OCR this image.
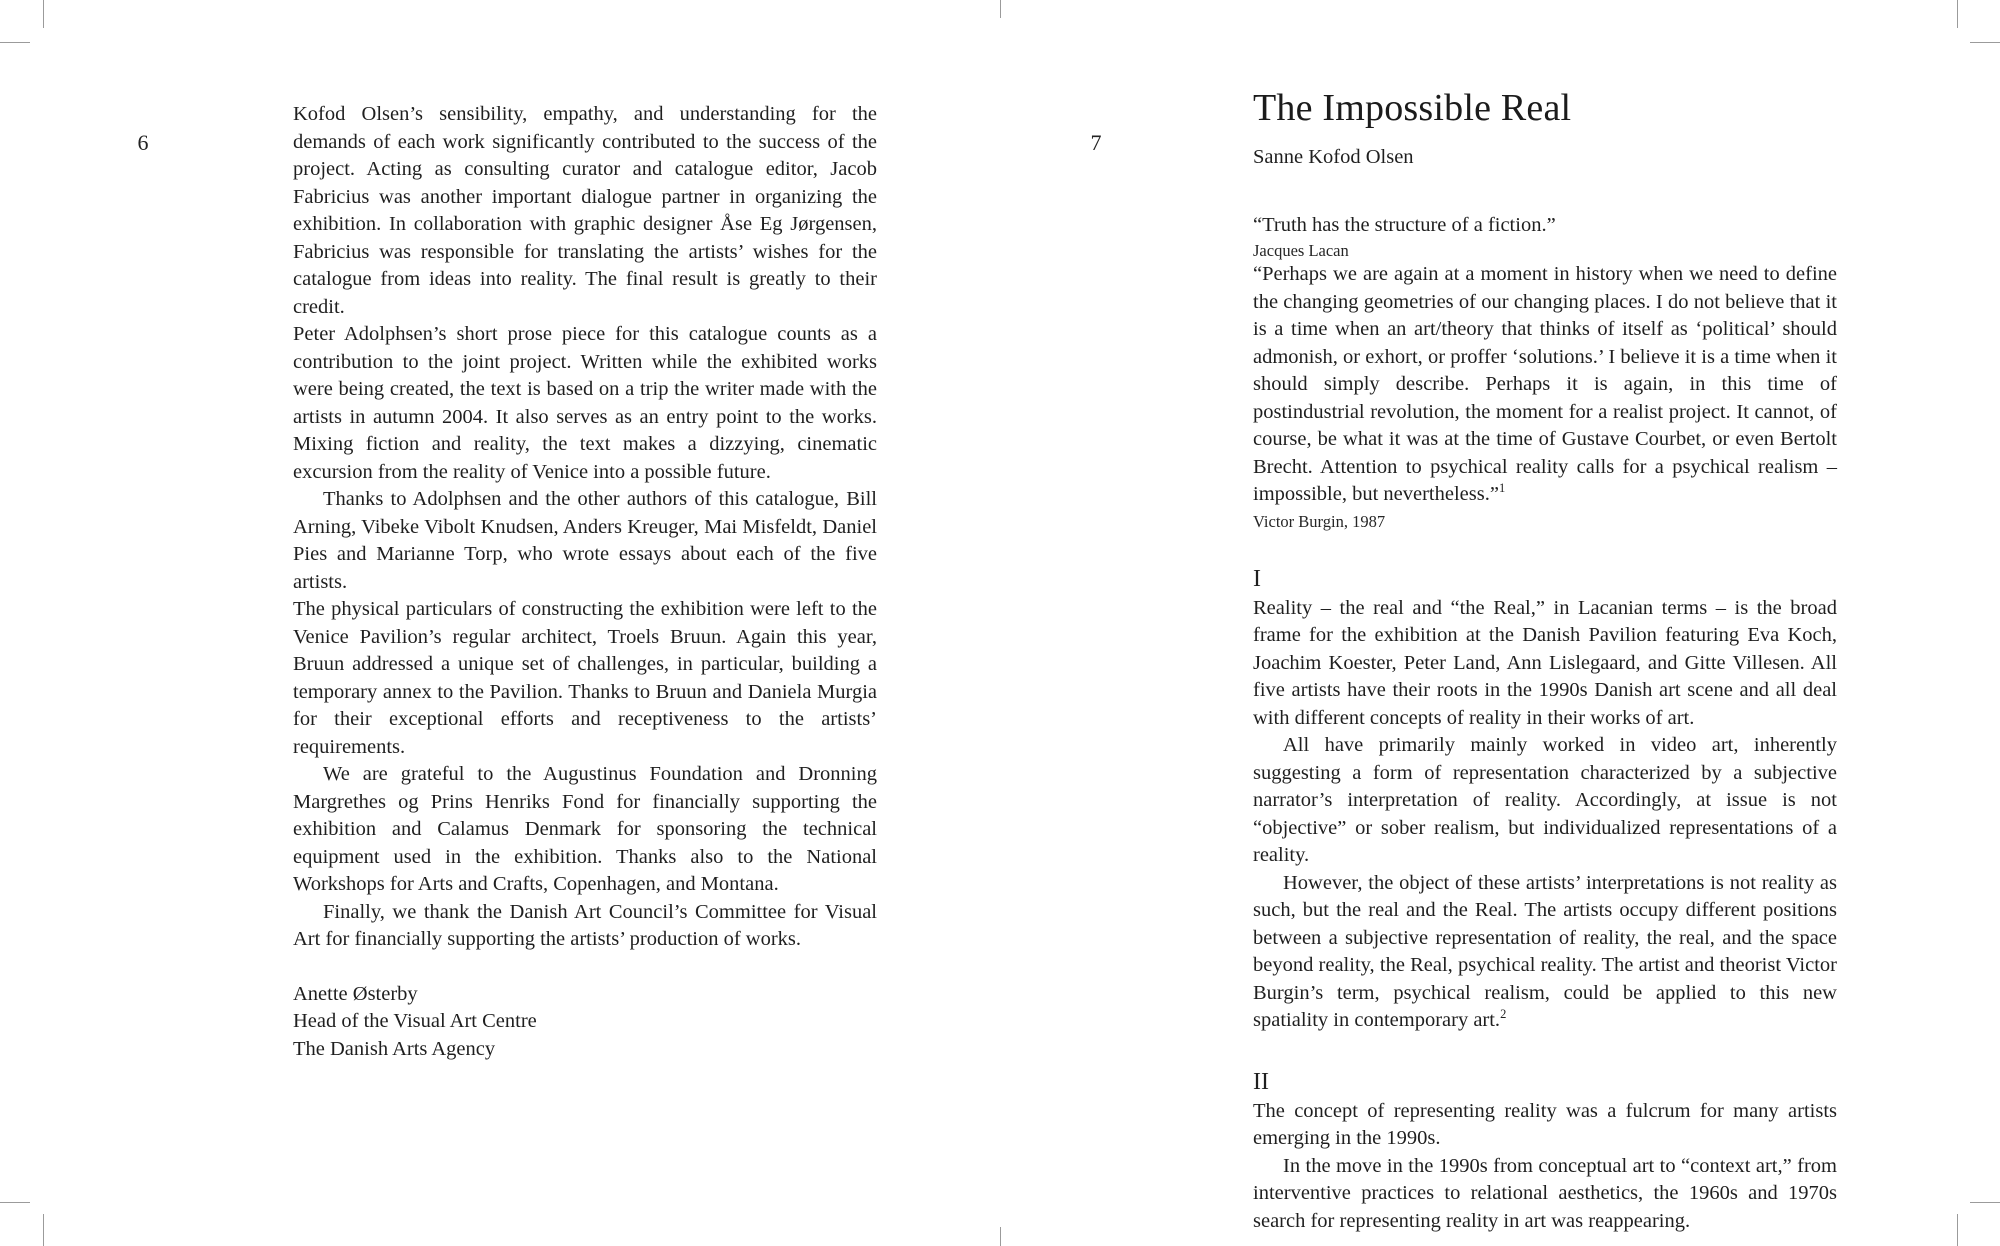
6	7

Kofod Olsen’s sensibility, empathy, and understanding for the demands of each work significantly contributed to the success of the project. Acting as consulting curator and catalogue editor, Jacob Fabricius was another important dialogue partner in organizing the exhibition. In collaboration with graphic designer Åse Eg Jørgensen, Fabricius was responsible for translating the artists’ wishes for the catalogue from ideas into reality. The final result is greatly to their credit.

Peter Adolphsen’s short prose piece for this catalogue counts as a contribution to the joint project. Written while the exhibited works were being created, the text is based on a trip the writer made with the artists in autumn 2004. It also serves as an entry point to the works. Mixing fiction and reality, the text makes a dizzying, cinematic excursion from the reality of Venice into a possible future.

Thanks to Adolphsen and the other authors of this catalogue, Bill Arning, Vibeke Vibolt Knudsen, Anders Kreuger, Mai Misfeldt, Daniel Pies and Marianne Torp, who wrote essays about each of the five artists.

The physical particulars of constructing the exhibition were left to the Venice Pavilion’s regular architect, Troels Bruun. Again this year, Bruun addressed a unique set of challenges, in particular, building a temporary annex to the Pavilion. Thanks to Bruun and Daniela Murgia for their exceptional efforts and receptiveness to the artists’ requirements.

We are grateful to the Augustinus Foundation and Dronning Margrethes og Prins Henriks Fond for financially supporting the exhibition and Calamus Denmark for sponsoring the technical equipment used in the exhibition. Thanks also to the National Workshops for Arts and Crafts, Copenhagen, and Montana.

Finally, we thank the Danish Art Council’s Committee for Visual Art for financially supporting the artists’ production of works.

Anette Østerby
Head of the Visual Art Centre
The Danish Arts Agency
The Impossible Real
Sanne Kofod Olsen
“Truth has the structure of a fiction.”
Jacques Lacan

“Perhaps we are again at a moment in history when we need to define the changing geometries of our changing places. I do not believe that it is a time when an art/theory that thinks of itself as ‘political’ should admonish, or exhort, or proffer ‘solutions.’ I believe it is a time when it should simply describe. Perhaps it is again, in this time of postindustrial revolution, the moment for a realist project. It cannot, of course, be what it was at the time of Gustave Courbet, or even Bertolt Brecht. Attention to psychical reality calls for a psychical realism – impossible, but nevertheless.”$^1$

Victor Burgin, 1987
I

Reality – the real and “the Real,” in Lacanian terms – is the broad frame for the exhibition at the Danish Pavilion featuring Eva Koch, Joachim Koester, Peter Land, Ann Lislegaard, and Gitte Villesen. All five artists have their roots in the 1990s Danish art scene and all deal with different concepts of reality in their works of art.

All have primarily mainly worked in video art, inherently suggesting a form of representation characterized by a subjective narrator’s interpretation of reality. Accordingly, at issue is not “objective” or sober realism, but individualized representations of a reality.

However, the object of these artists’ interpretations is not reality as such, but the real and the Real. The artists occupy different positions between a subjective representation of reality, the real, and the space beyond reality, the Real, psychical reality. The artist and theorist Victor Burgin’s term, psychical realism, could be applied to this new spatiality in contemporary art.$^2$

II

The concept of representing reality was a fulcrum for many artists emerging in the 1990s.

In the move in the 1990s from conceptual art to “context art,” from interventive practices to relational aesthetics, the 1960s and 1970s search for representing reality in art was reappearing.
